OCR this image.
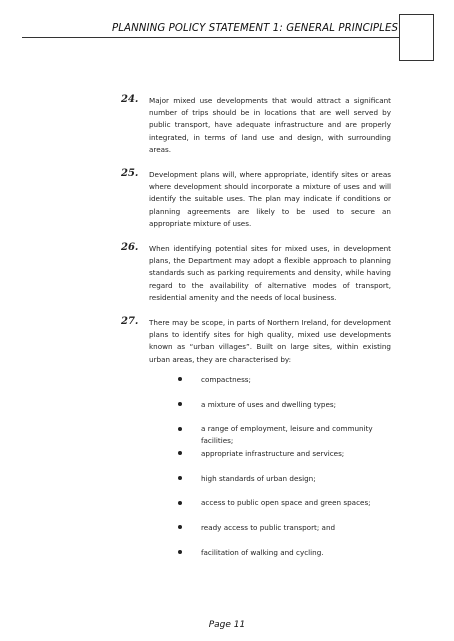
PLANNING POLICY STATEMENT 1: GENERAL PRINCIPLES
24. Major mixed use developments that would attract a significant number of trips should be in locations that are well served by public transport, have adequate infrastructure and are properly integrated, in terms of land use and design, with surrounding areas.
25. Development plans will, where appropriate, identify sites or areas where development should incorporate a mixture of uses and will identify the suitable uses. The plan may indicate if conditions or planning agreements are likely to be used to secure an appropriate mixture of uses.
26. When identifying potential sites for mixed uses, in development plans, the Department may adopt a flexible approach to planning standards such as parking requirements and density, while having regard to the availability of alternative modes of transport, residential amenity and the needs of local business.
27. There may be scope, in parts of Northern Ireland, for development plans to identify sites for high quality, mixed use developments known as “urban villages”. Built on large sites, within existing urban areas, they are characterised by:
compactness;
a mixture of uses and dwelling types;
a range of employment, leisure and community facilities;
appropriate infrastructure and services;
high standards of urban design;
access to public open space and green spaces;
ready access to public transport; and
facilitation of walking and cycling.
Page 11
